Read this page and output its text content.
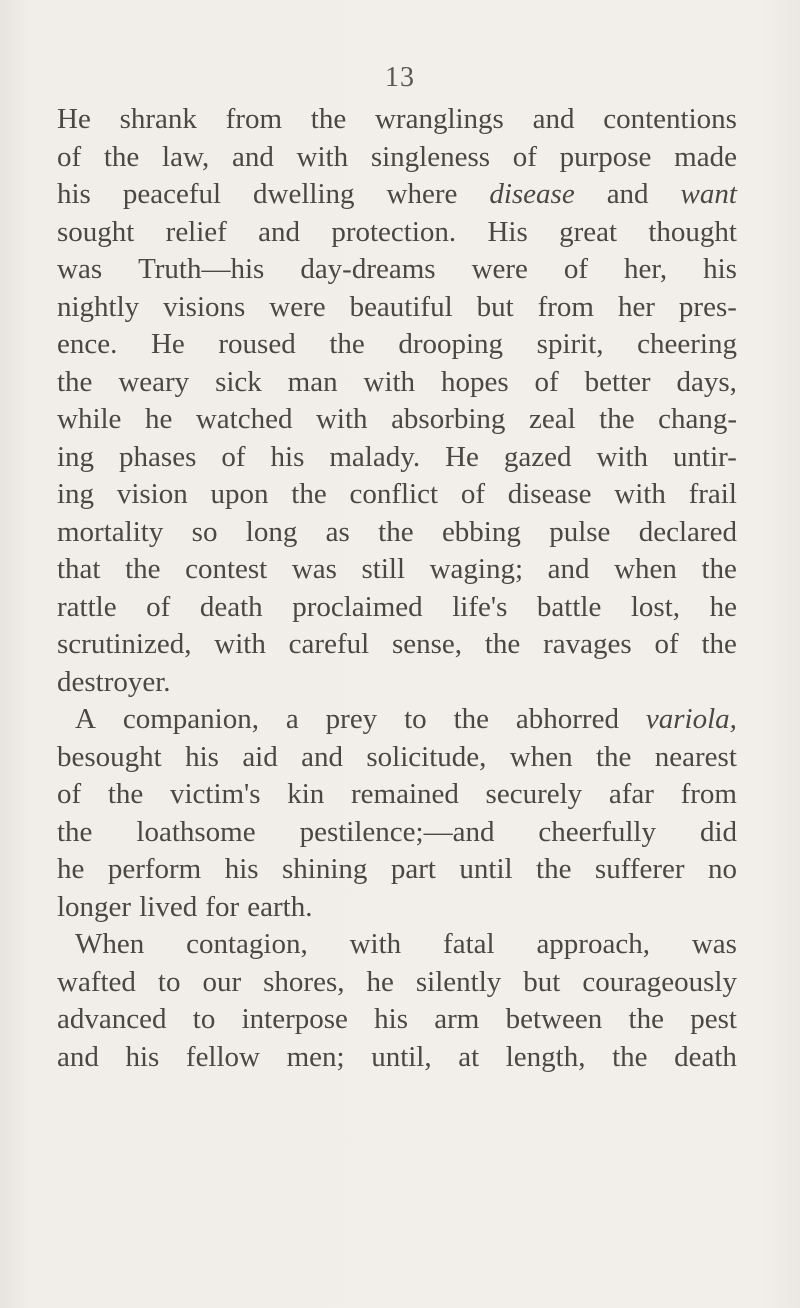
13
He shrank from the wranglings and contentions
of the law, and with singleness of purpose made
his peaceful dwelling where disease and want
sought relief and protection. His great thought
was Truth—his day-dreams were of her, his
nightly visions were beautiful but from her pres-
ence. He roused the drooping spirit, cheering
the weary sick man with hopes of better days,
while he watched with absorbing zeal the chang-
ing phases of his malady. He gazed with untir-
ing vision upon the conflict of disease with frail
mortality so long as the ebbing pulse declared
that the contest was still waging; and when the
rattle of death proclaimed life's battle lost, he
scrutinized, with careful sense, the ravages of the
destroyer.
A companion, a prey to the abhorred variola,
besought his aid and solicitude, when the nearest
of the victim's kin remained securely afar from
the loathsome pestilence;—and cheerfully did
he perform his shining part until the sufferer no
longer lived for earth.
When contagion, with fatal approach, was
wafted to our shores, he silently but courageously
advanced to interpose his arm between the pest
and his fellow men; until, at length, the death
